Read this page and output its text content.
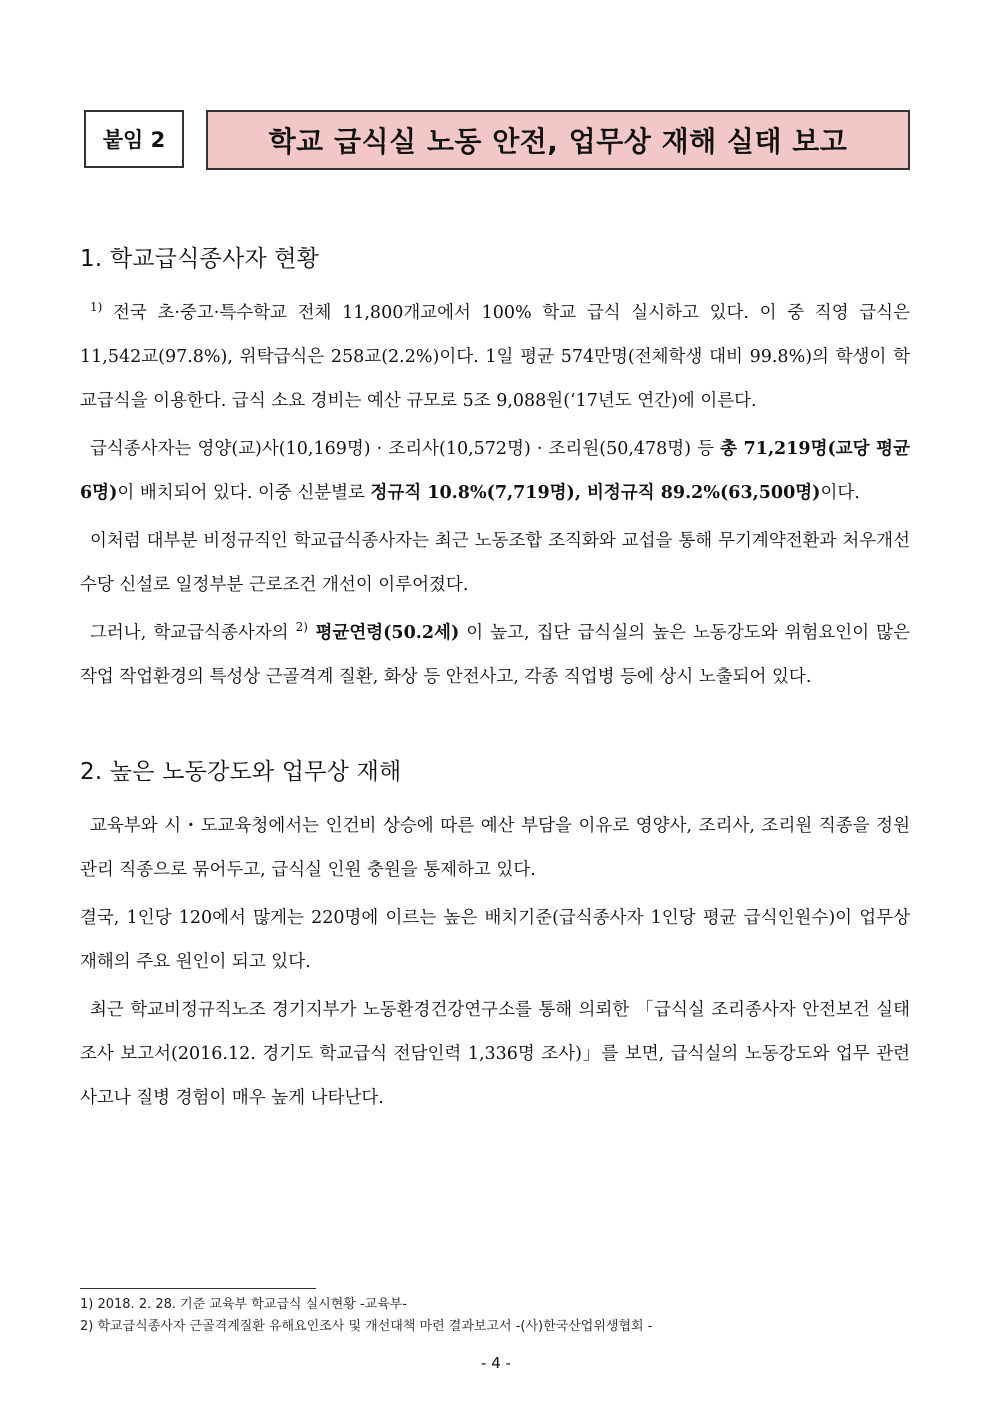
붙임 2	학교 급식실 노동 안전, 업무상 재해 실태 보고
1. 학교급식종사자 현황

$^{1)}$ 전국 초·중고·특수학교 전체 11,800개교에서 100% 학교 급식 실시하고 있다. 이 중 직영 급식은 11,542교(97.8%), 위탁급식은 258교(2.2%)이다. 1일 평균 574만명(전체학생 대비 99.8%)의 학생이 학교급식을 이용한다. 급식 소요 경비는 예산 규모로 5조 9,088원(‘17년도 연간)에 이른다.

급식종사자는 영양(교)사(10,169명) · 조리사(10,572명) · 조리원(50,478명) 등 총 71,219명(교당 평균 6명)이 배치되어 있다. 이중 신분별로 정규직 10.8%(7,719명), 비정규직 89.2%(63,500명)이다.

이처럼 대부분 비정규직인 학교급식종사자는 최근 노동조합 조직화와 교섭을 통해 무기계약전환과 처우개선수당 신설로 일정부분 근로조건 개선이 이루어졌다.

그러나, 학교급식종사자의 $^{2)}$ 평균연령(50.2세) 이 높고, 집단 급식실의 높은 노동강도와 위험요인이 많은 작업 작업환경의 특성상 근골격계 질환, 화상 등 안전사고, 각종 직업병 등에 상시 노출되어 있다.

2. 높은 노동강도와 업무상 재해

교육부와 시・도교육청에서는 인건비 상승에 따른 예산 부담을 이유로 영양사, 조리사, 조리원 직종을 정원관리 직종으로 묶어두고, 급식실 인원 충원을 통제하고 있다.

결국, 1인당 120에서 많게는 220명에 이르는 높은 배치기준(급식종사자 1인당 평균 급식인원수)이 업무상 재해의 주요 원인이 되고 있다.

최근 학교비정규직노조 경기지부가 노동환경건강연구소를 통해 의뢰한 「급식실 조리종사자 안전보건 실태조사 보고서(2016.12. 경기도 학교급식 전담인력 1,336명 조사)」를 보면, 급식실의 노동강도와 업무 관련 사고나 질병 경험이 매우 높게 나타난다.

1) 2018. 2. 28. 기준 교육부 학교급식 실시현황 -교육부-
2) 학교급식종사자 근골격계질환 유해요인조사 및 개선대책 마련 결과보고서 -(사)한국산업위생협회 -
- 4 -
